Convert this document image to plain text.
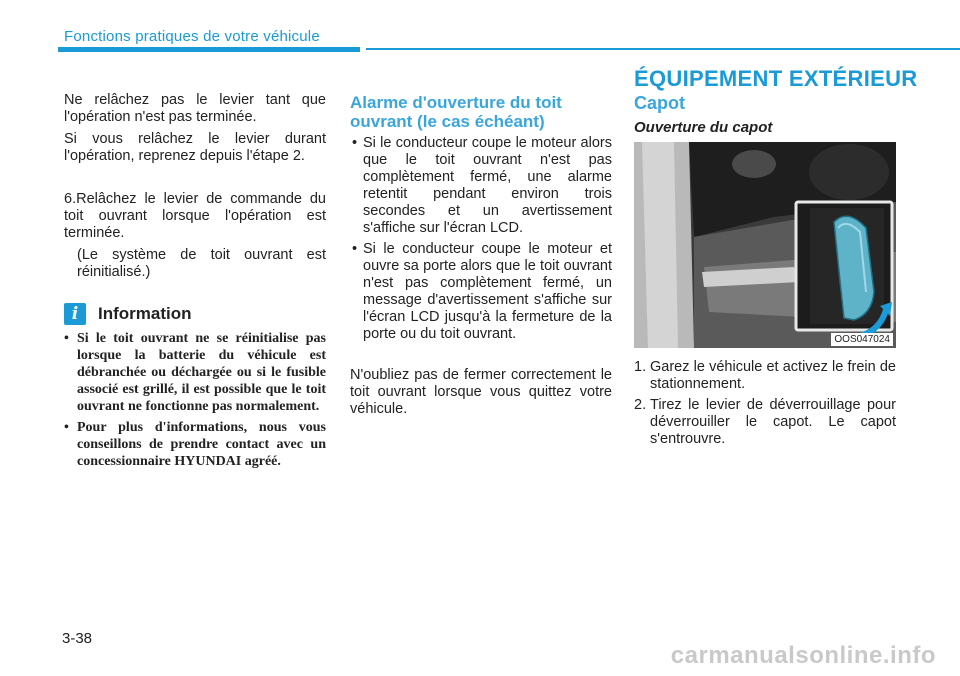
Fonctions pratiques de votre véhicule

Ne relâchez pas le levier tant que l'opération n'est pas terminée.

Si vous relâchez le levier durant l'opération, reprenez depuis l'étape 2.

6.Relâchez le levier de commande du toit ouvrant lorsque l'opération est terminée.

(Le système de toit ouvrant est réinitialisé.)

i	Information
• Si le toit ouvrant ne se réinitialise pas lorsque la batterie du véhicule est débranchée ou déchargée ou si le fusible associé est grillé, il est possible que le toit ouvrant ne fonctionne pas normalement.
• Pour plus d'informations, nous vous conseillons de prendre contact avec un concessionnaire HYUNDAI agréé.
Alarme d'ouverture du toit ouvrant (le cas échéant)
• Si le conducteur coupe le moteur alors que le toit ouvrant n'est pas complètement fermé, une alarme retentit pendant environ trois secondes et un avertissement s'affiche sur l'écran LCD.
• Si le conducteur coupe le moteur et ouvre sa porte alors que le toit ouvrant n'est pas complètement fermé, un message d'avertissement s'affiche sur l'écran LCD jusqu'à la fermeture de la porte ou du toit ouvrant.

N'oubliez pas de fermer correctement le toit ouvrant lorsque vous quittez votre véhicule.

ÉQUIPEMENT EXTÉRIEUR
Capot
Ouverture du capot
OOS047024
1. Garez le véhicule et activez le frein de stationnement.
2. Tirez le levier de déverrouillage pour déverrouiller le capot. Le capot s'entrouvre.
3-38
carmanualsonline.info
